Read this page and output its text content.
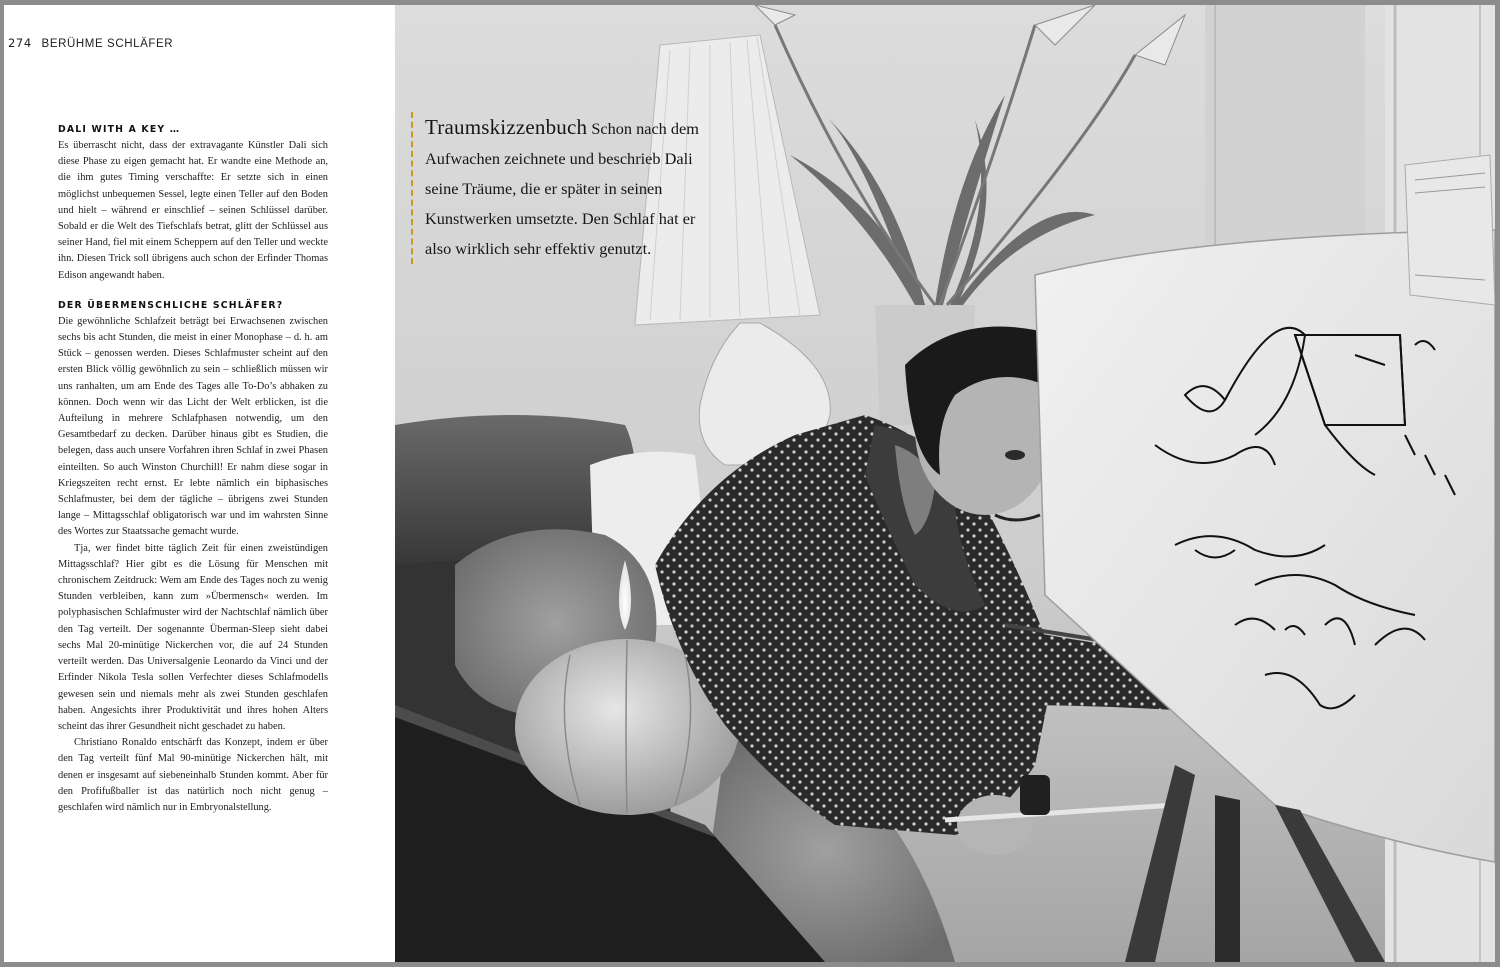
274 BERÜHME SCHLÄFER
DALI WITH A KEY …

Es überrascht nicht, dass der extravagante Künstler Dali sich diese Phase zu eigen gemacht hat. Er wandte eine Methode an, die ihm gutes Timing verschaffte: Er setzte sich in einen möglichst unbequemen Sessel, legte einen Teller auf den Boden und hielt – während er einschlief – seinen Schlüssel darüber. Sobald er die Welt des Tiefschlafs betrat, glitt der Schlüssel aus seiner Hand, fiel mit einem Scheppern auf den Teller und weckte ihn. Diesen Trick soll übrigens auch schon der Erfinder Thomas Edison angewandt haben.

DER ÜBERMENSCHLICHE SCHLÄFER?

Die gewöhnliche Schlafzeit beträgt bei Erwachsenen zwischen sechs bis acht Stunden, die meist in einer Monophase – d. h. am Stück – genossen werden. Dieses Schlafmuster scheint auf den ersten Blick völlig gewöhnlich zu sein – schließlich müssen wir uns ranhalten, um am Ende des Tages alle To-Do’s abhaken zu können. Doch wenn wir das Licht der Welt erblicken, ist die Aufteilung in mehrere Schlafphasen notwendig, um den Gesamtbedarf zu decken. Darüber hinaus gibt es Studien, die belegen, dass auch unsere Vorfahren ihren Schlaf in zwei Phasen einteilten. So auch Winston Churchill! Er nahm diese sogar in Kriegszeiten recht ernst. Er lebte nämlich ein biphasisches Schlafmuster, bei dem der tägliche – übrigens zwei Stunden lange – Mittagsschlaf obligatorisch war und im wahrsten Sinne des Wortes zur Staatssache gemacht wurde.

Tja, wer findet bitte täglich Zeit für einen zweistündigen Mittagsschlaf? Hier gibt es die Lösung für Menschen mit chronischem Zeitdruck: Wem am Ende des Tages noch zu wenig Stunden verbleiben, kann zum »Übermensch« werden. Im polyphasischen Schlafmuster wird der Nachtschlaf nämlich über den Tag verteilt. Der sogenannte Überman-Sleep sieht dabei sechs Mal 20-minütige Nickerchen vor, die auf 24 Stunden verteilt werden. Das Universalgenie Leonardo da Vinci und der Erfinder Nikola Tesla sollen Verfechter dieses Schlafmodells gewesen sein und niemals mehr als zwei Stunden geschlafen haben. Angesichts ihrer Produktivität und ihres hohen Alters scheint das ihrer Gesundheit nicht geschadet zu haben.

Christiano Ronaldo entschärft das Konzept, indem er über den Tag verteilt fünf Mal 90-minütige Nickerchen hält, mit denen er insgesamt auf siebeneinhalb Stunden kommt. Aber für den Profifußballer ist das natürlich noch nicht genug – geschlafen wird nämlich nur in Embryonalstellung.

Traumskizzenbuch Schon nach dem Aufwachen zeichnete und beschrieb Dali seine Träume, die er später in seinen Kunstwerken umsetzte. Den Schlaf hat er also wirklich sehr effektiv genutzt.
